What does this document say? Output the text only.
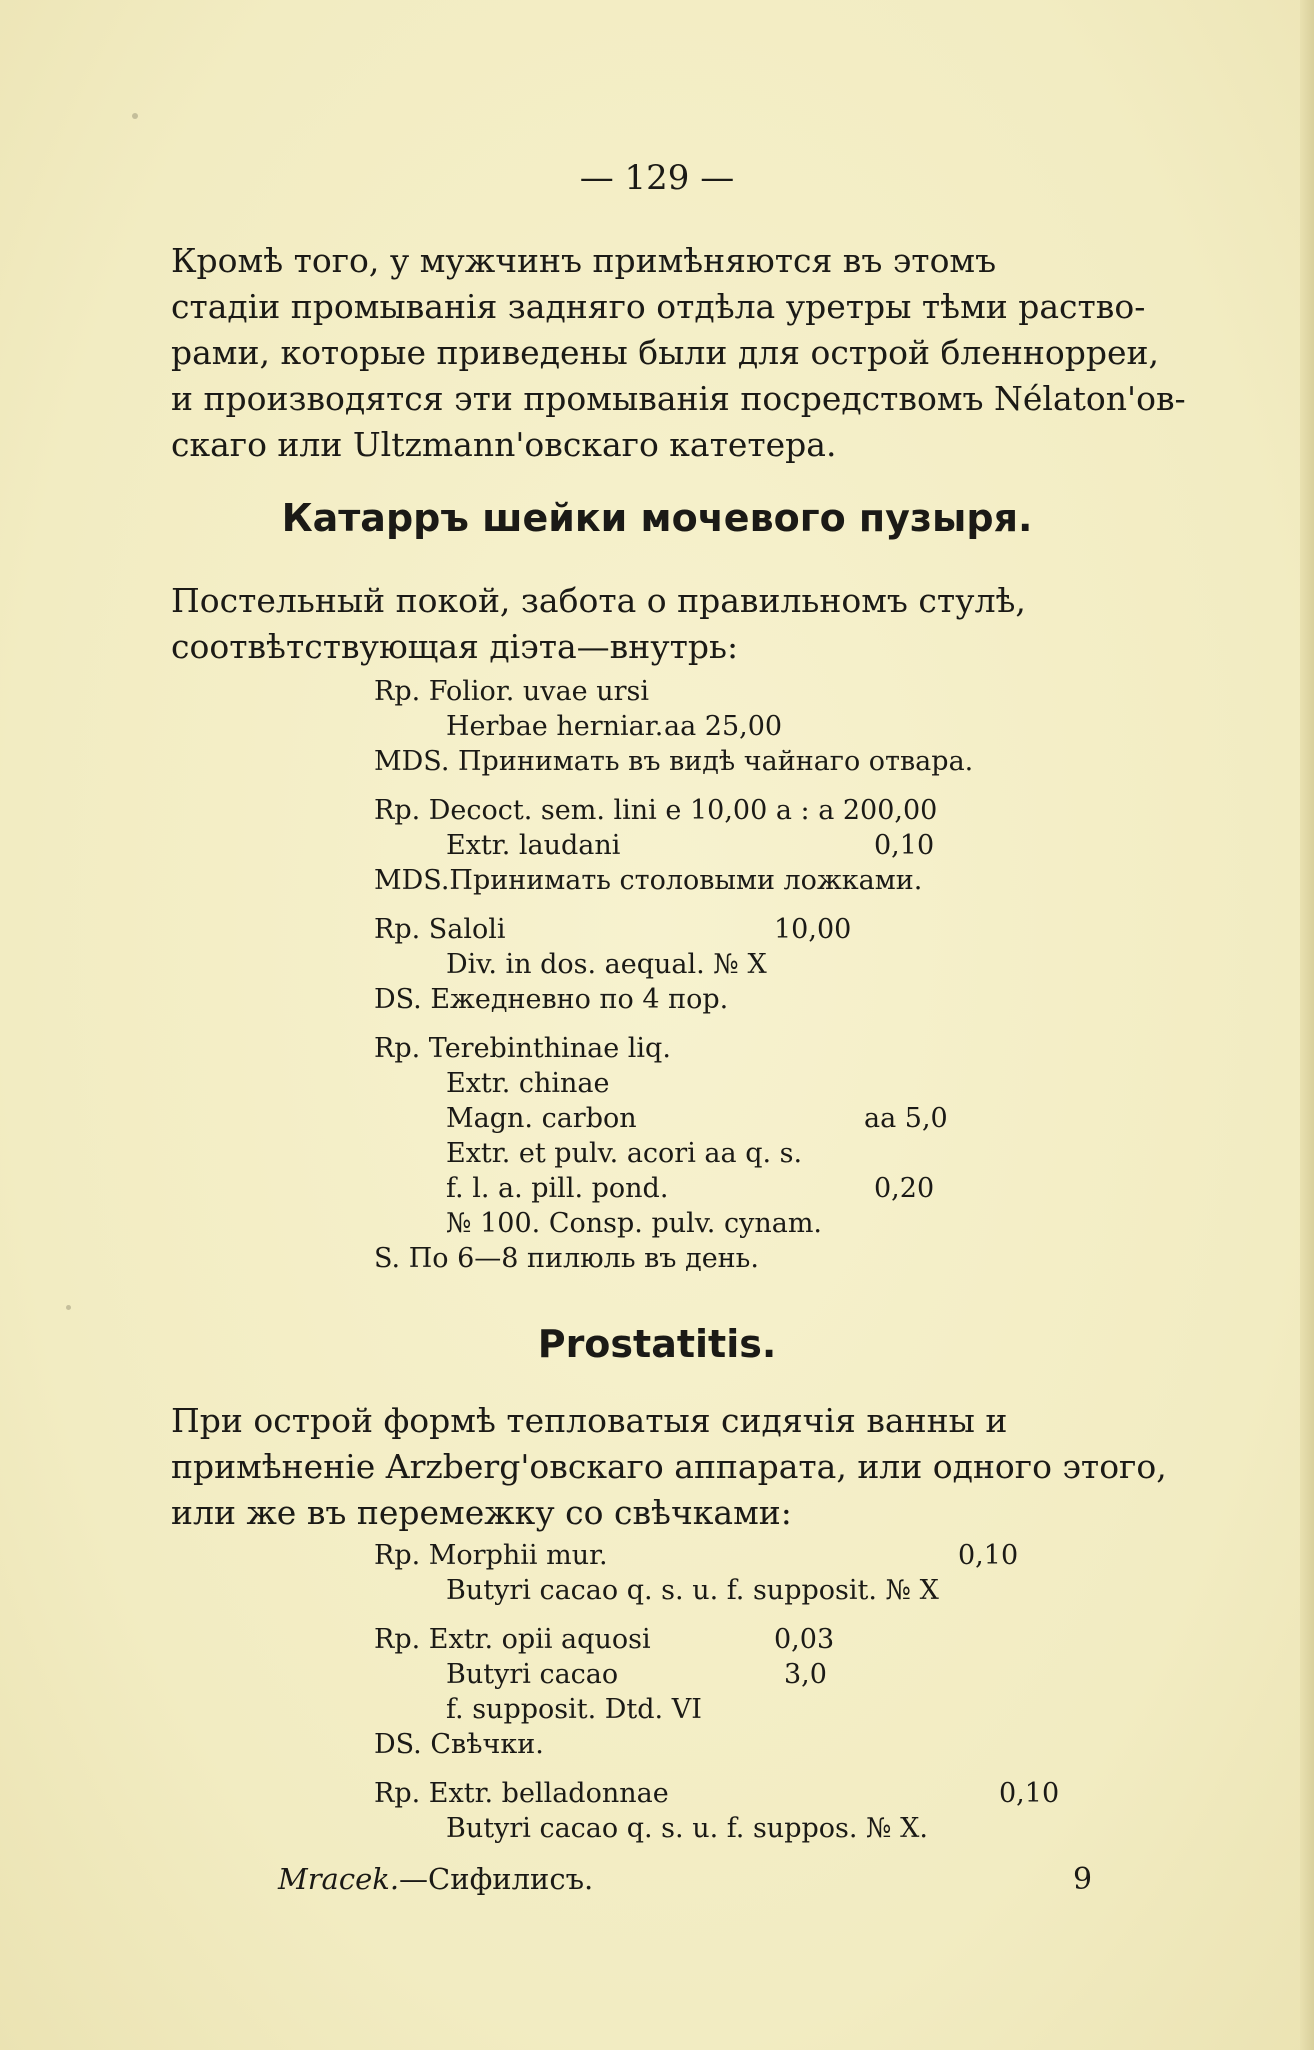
— 129 —

Кромѣ того, у мужчинъ примѣняются въ этомъ
стадіи промыванія задняго отдѣла уретры тѣми раство-
рами, которые приведены были для острой бленнорреи,
и производятся эти промыванія посредствомъ Nélaton'ов-
скаго или Ultzmann'овскаго катетера.

Катарръ шейки мочевого пузыря.

Постельный покой, забота о правильномъ стулѣ,
соотвѣтствующая діэта—внутрь:

Rp. Folior. uvae ursi
Herbae herniar. aa 25,00
MDS. Принимать въ видѣ чайнаго отвара.
Rp. Decoct. sem. lini e 10,00 a : a 200,00
Extr. laudani	0,10
MDS.Принимать столовыми ложками.
Rp. Saloli	10,00
Div. in dos. aequal. № X
DS. Ежедневно по 4 пор.
Rp. Terebinthinae liq.
Extr. chinae
Magn. carbon	aa 5,0
Extr. et pulv. acori aa q. s.
f. l. a. pill. pond.	0,20
№ 100. Consp. pulv. cynam.
S. По 6—8 пилюль въ день.
Prostatitis.

При острой формѣ тепловатыя сидячія ванны и
примѣненіе Arzberg'овскаго аппарата, или одного этого,
или же въ перемежку со свѣчками:

Rp. Morphii mur.	0,10
Butyri cacao q. s. u. f. supposit. № X
Rp. Extr. opii aquosi	0,03
Butyri cacao	3,0
f. supposit. Dtd. VI
DS. Свѣчки.
Rp. Extr. belladonnae	0,10
Butyri cacao q. s. u. f. suppos. № X.
Mracek.—Сифилисъ.	9
